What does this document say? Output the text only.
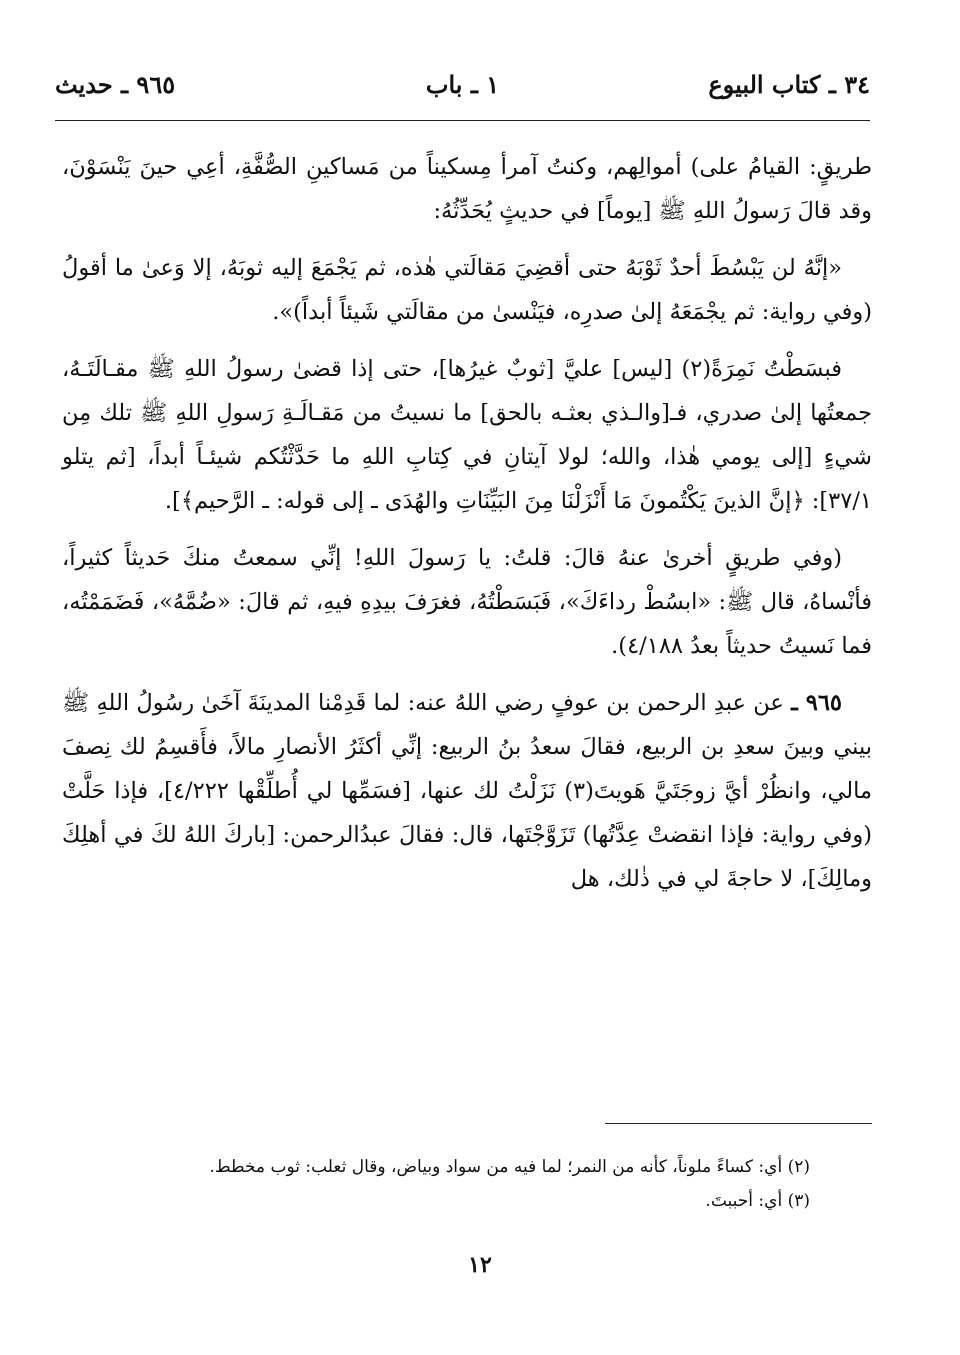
٣٤ ـ كتاب البيوع
١ ـ باب
٩٦٥ ـ حديث

طريقٍ: القيامُ على) أموالِهم، وكنتُ آمرأ مِسكيناً من مَساكينِ الصُّفَّةِ، أعِي حينَ يَنْسَوْنَ، وقد قالَ رَسولُ اللهِ ﷺ [يوماً] في حديثٍ يُحَدِّثُهُ:

«إنَّهُ لن يَبْسُطَ أحدٌ ثَوْبَهُ حتى أقضِيَ مَقالَتي هٰذه، ثم يَجْمَعَ إليه ثوبَهُ، إلا وَعىٰ ما أقولُ (وفي رواية: ثم يجْمَعَهُ إلىٰ صدرِه، فيَنْسىٰ من مقالَتي شَيئاً أبداً)».

فبسَطْتُ نَمِرَةً(٢) [ليس] عليَّ [ثوبٌ غيرُها]، حتى إذا قضىٰ رسولُ اللهِ ﷺ مقـالَتَـهُ، جمعتُها إلىٰ صدري، فـ[والـذي بعثـه بالحق] ما نسيتُ من مَقـالَـةِ رَسولِ اللهِ ﷺ تلك مِن شيءٍ [إلى يومي هٰذا، والله؛ لولا آيتانِ في كِتابِ اللهِ ما حَدَّثْتُكم شيئـاً أبداً، [ثم يتلو ٣٧/١]: ﴿إنَّ الذينَ يَكْتُمونَ مَا أَنْزَلْنَا مِنَ البَيِّنَاتِ والهُدَى ـ إلى قوله: ـ الرَّحيم﴾].

(وفي طريقٍ أخرىٰ عنهُ قالَ: قلتُ: يا رَسولَ اللهِ! إنِّي سمعتُ منكَ حَديثاً كثيراً، فأنْساهُ، قال ﷺ: «ابسُطْ رداءَكَ»، فَبَسَطْتُهُ، فغرَفَ بيدِهِ فيهِ، ثم قالَ: «ضُمَّهُ»، فَضَمَمْتُه، فما نَسيتُ حديثاً بعدُ ٤/١٨٨).

٩٦٥ ـ عن عبدِ الرحمن بن عوفٍ رضي اللهُ عنه: لما قَدِمْنا المدينَةَ آخَىٰ رسُولُ اللهِ ﷺ بيني وبينَ سعدِ بن الربيع، فقالَ سعدُ بنُ الربيع: إنِّي أكثَرُ الأنصارِ مالاً، فأَقسِمُ لك نِصفَ مالي، وانظُرْ أيَّ زوجَتَيَّ هَويتَ(٣) نَزَلْتُ لك عنها، [فسَمِّها لي أُطلِّقْها ٤/٢٢٢]، فإذا حَلَّتْ (وفي رواية: فإذا انقضتْ عِدَّتُها) تَزَوَّجْتَها، قال: فقالَ عبدُالرحمن: [باركَ اللهُ لكَ في أهلِكَ ومالِكَ]، لا حاجةَ لي في ذٰلك، هل

(٢) أي: كساءً ملوناً، كأنه من النمر؛ لما فيه من سواد وبياض، وقال ثعلب: ثوب مخطط.

(٣) أي: أحببتَ.

١٢
